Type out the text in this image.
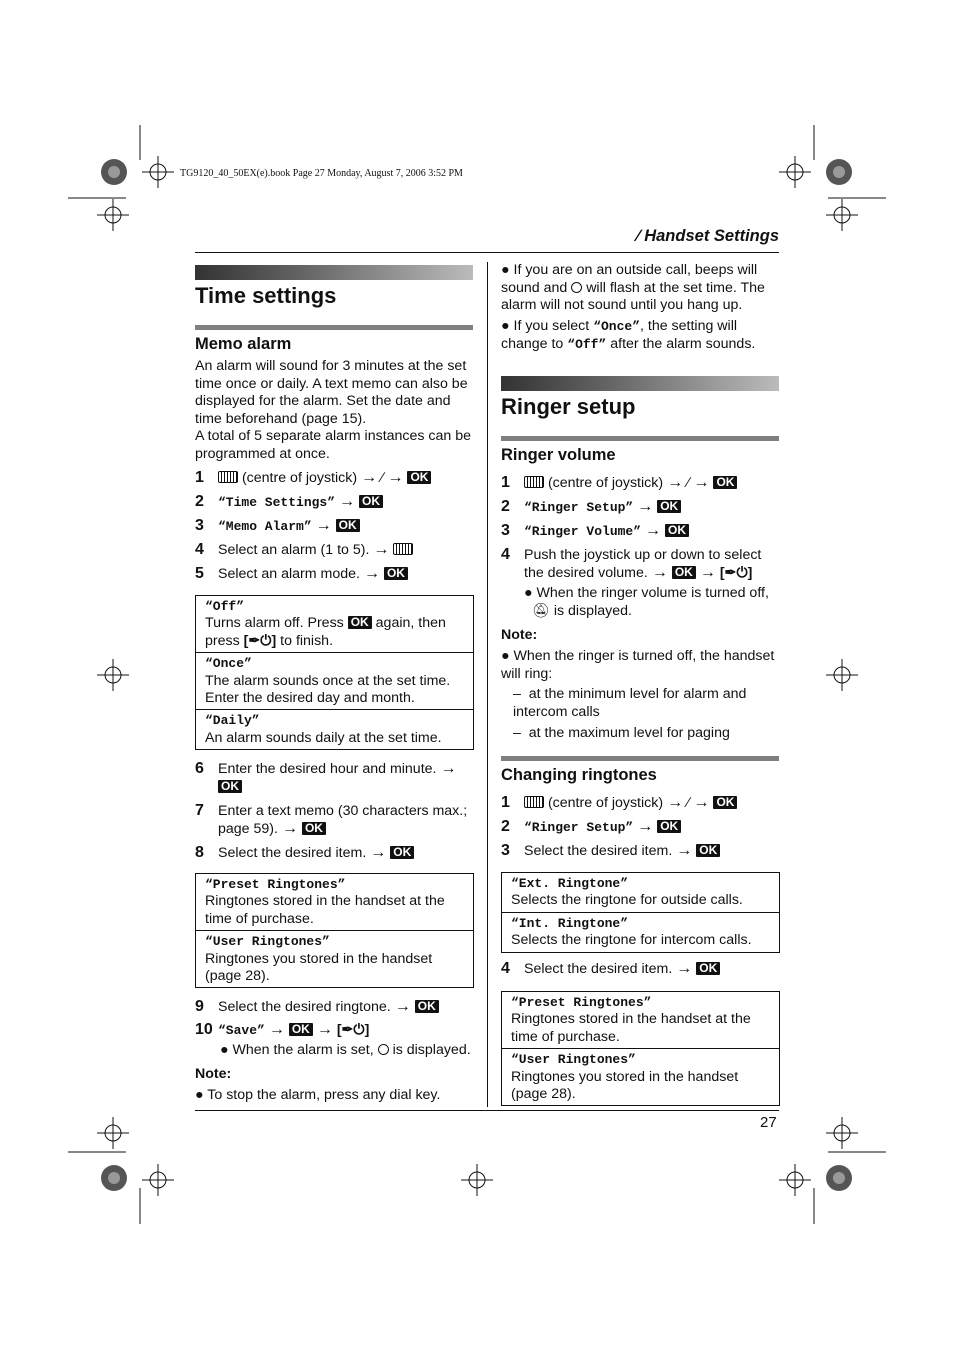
TG9120_40_50EX(e).book Page 27 Monday, August 7, 2006 3:52 PM
∕ Handset Settings
27
Time settings
Memo alarm
An alarm will sound for 3 minutes at the set time once or daily. A text memo can also be displayed for the alarm. Set the date and time beforehand (page 15).
A total of 5 separate alarm instances can be programmed at once.
1	(centre of joystick) → ∕ → OK
2 “Time Settings” → OK
3 “Memo Alarm” → OK
4 Select an alarm (1 to 5). →
5 Select an alarm mode. → OK
“Off”
Turns alarm off. Press OK again, then press [✒⏻] to finish.
“Once”
The alarm sounds once at the set time. Enter the desired day and month.
“Daily”
An alarm sounds daily at the set time.
6 Enter the desired hour and minute. →
OK
7 Enter a text memo (30 characters max.; page 59). → OK
8 Select the desired item. → OK
“Preset Ringtones”
Ringtones stored in the handset at the time of purchase.
“User Ringtones”
Ringtones you stored in the handset (page 28).
9 Select the desired ringtone. → OK
10 “Save” → OK → [✒⏻]
● When the alarm is set, is displayed.
Note:
● To stop the alarm, press any dial key.
● If you are on an outside call, beeps will sound and will flash at the set time. The alarm will not sound until you hang up.
● If you select “Once”, the setting will change to “Off” after the alarm sounds.
Ringer setup
Ringer volume
1	(centre of joystick) → ∕ → OK
2 “Ringer Setup” → OK
3 “Ringer Volume” → OK
4 Push the joystick up or down to select the desired volume. → OK → [✒⏻]
● When the ringer volume is turned off,
🔕︎ is displayed.
Note:
● When the ringer is turned off, the handset will ring:
–  at the minimum level for alarm and intercom calls
–  at the maximum level for paging
Changing ringtones
1	(centre of joystick) → ∕ → OK
2 “Ringer Setup” → OK
3 Select the desired item. → OK
“Ext. Ringtone”
Selects the ringtone for outside calls.
“Int. Ringtone”
Selects the ringtone for intercom calls.
4 Select the desired item. → OK
“Preset Ringtones”
Ringtones stored in the handset at the time of purchase.
“User Ringtones”
Ringtones you stored in the handset (page 28).
